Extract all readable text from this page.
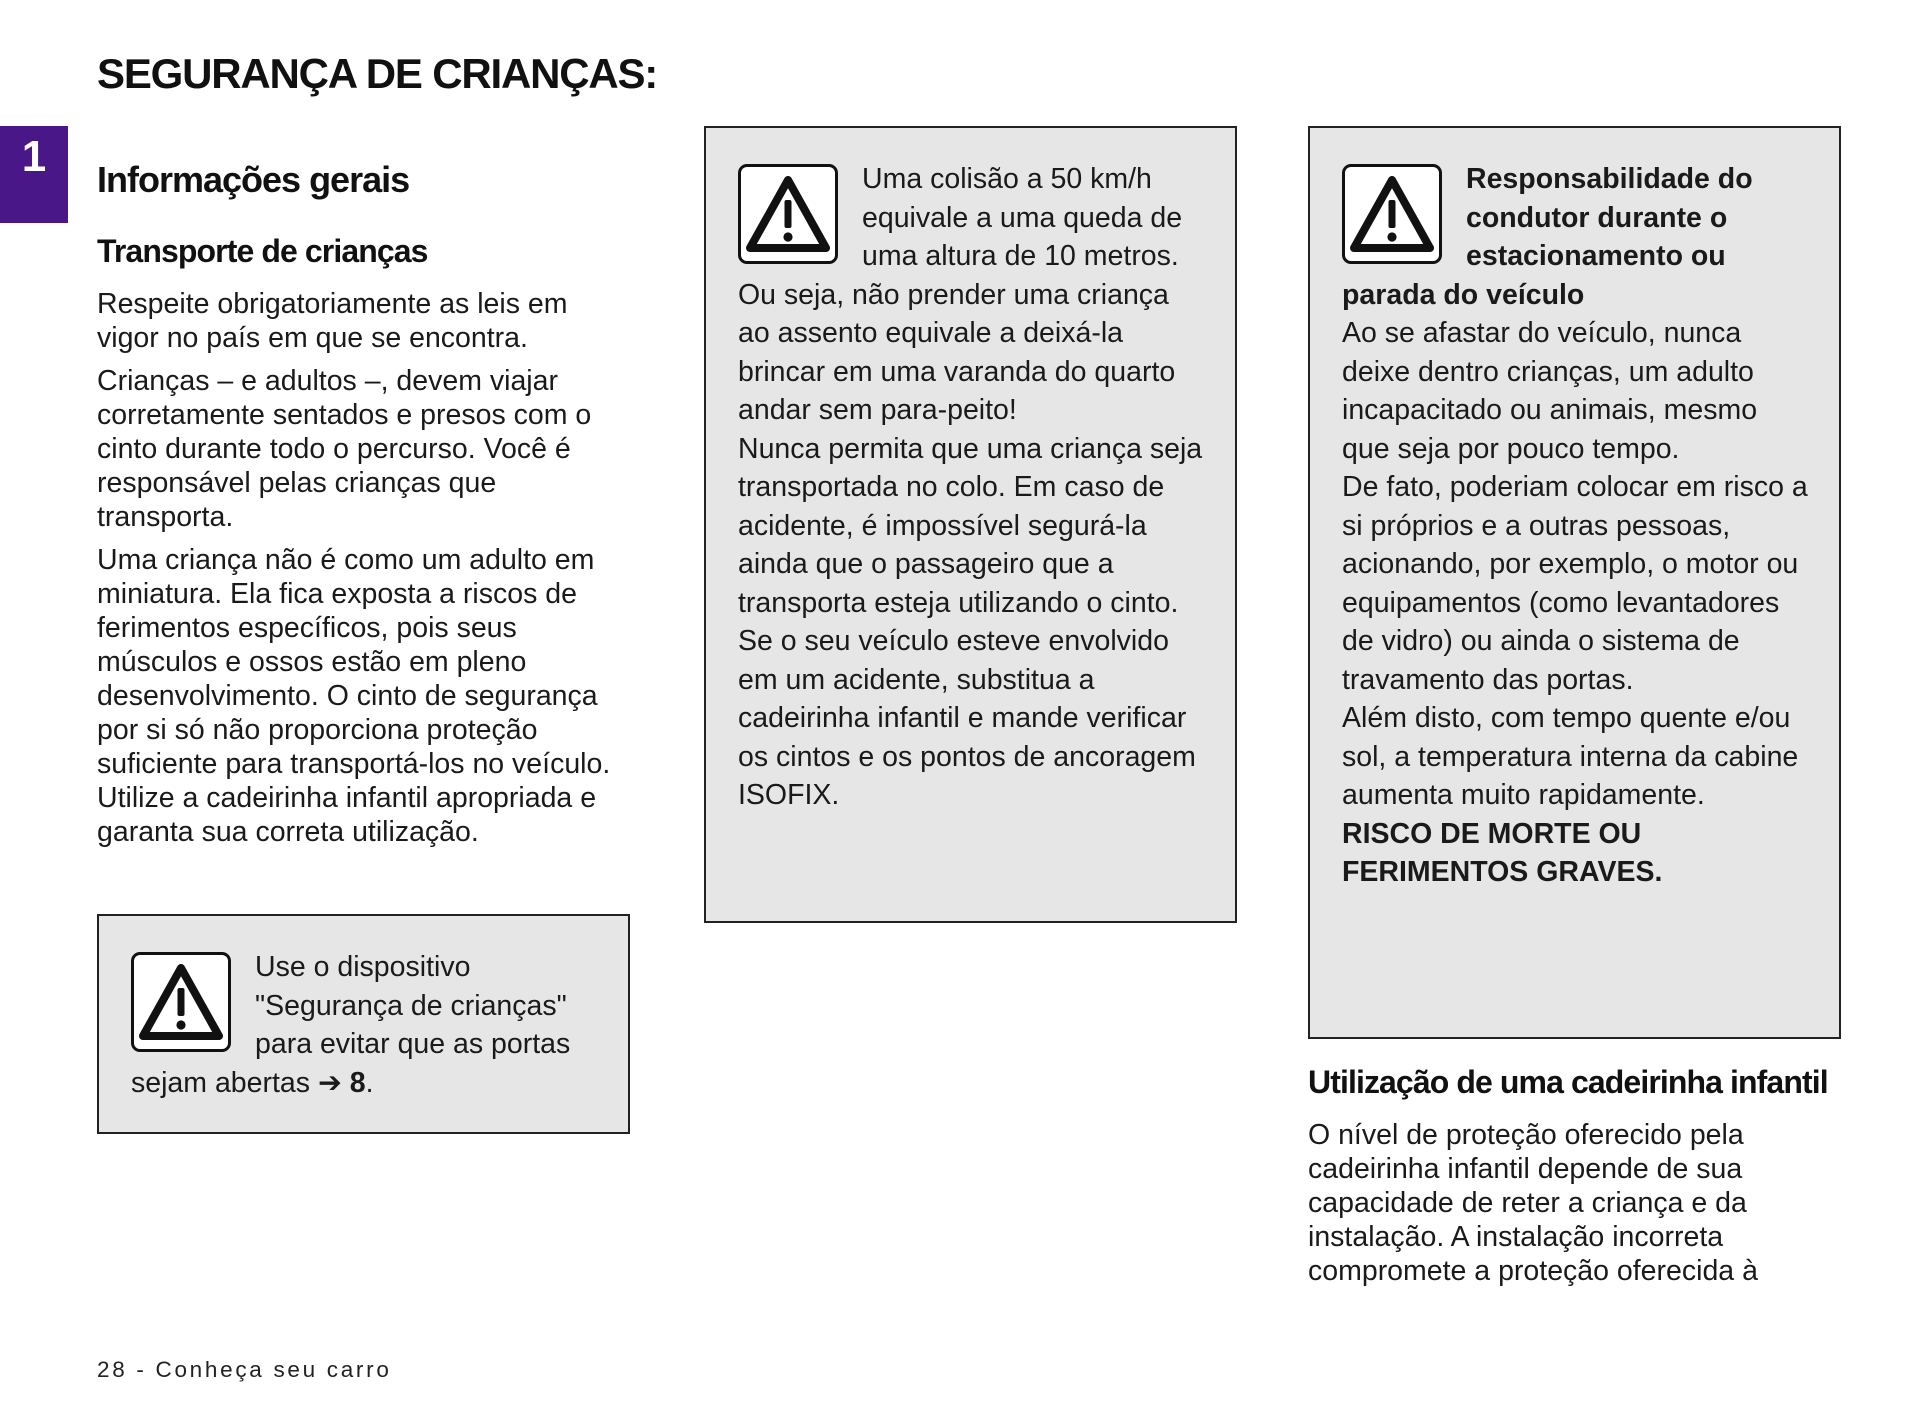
SEGURANÇA DE CRIANÇAS:
1	Informações gerais
Transporte de crianças

Respeite obrigatoriamente as leis em vigor no país em que se encontra.

Crianças – e adultos –, devem viajar corretamente sentados e presos com o cinto durante todo o percurso. Você é responsável pelas crianças que transporta.

Uma criança não é como um adulto em miniatura. Ela fica exposta a riscos de ferimentos específicos, pois seus músculos e ossos estão em pleno desenvolvimento. O cinto de segurança por si só não proporciona proteção suficiente para transportá-los no veículo. Utilize a cadeirinha infantil apropriada e garanta sua correta utilização.

Use o dispositivo "Segurança de crianças" para evitar que as portas sejam abertas ➔ 8.

Uma colisão a 50 km/h equivale a uma queda de uma altura de 10 metros. Ou seja, não prender uma criança ao assento equivale a deixá-la brincar em uma varanda do quarto andar sem para-peito!

Nunca permita que uma criança seja transportada no colo. Em caso de acidente, é impossível segurá-la ainda que o passageiro que a transporta esteja utilizando o cinto.

Se o seu veículo esteve envolvido em um acidente, substitua a cadeirinha infantil e mande verificar os cintos e os pontos de ancoragem ISOFIX.

Responsabilidade do condutor durante o estacionamento ou parada do veículo

Ao se afastar do veículo, nunca deixe dentro crianças, um adulto incapacitado ou animais, mesmo que seja por pouco tempo.

De fato, poderiam colocar em risco a si próprios e a outras pessoas, acionando, por exemplo, o motor ou equipamentos (como levantadores de vidro) ou ainda o sistema de travamento das portas.

Além disto, com tempo quente e/ou sol, a temperatura interna da cabine aumenta muito rapidamente.

RISCO DE MORTE OU FERIMENTOS GRAVES.

Utilização de uma cadeirinha infantil

O nível de proteção oferecido pela cadeirinha infantil depende de sua capacidade de reter a criança e da instalação. A instalação incorreta compromete a proteção oferecida à

28 - Conheça seu carro
